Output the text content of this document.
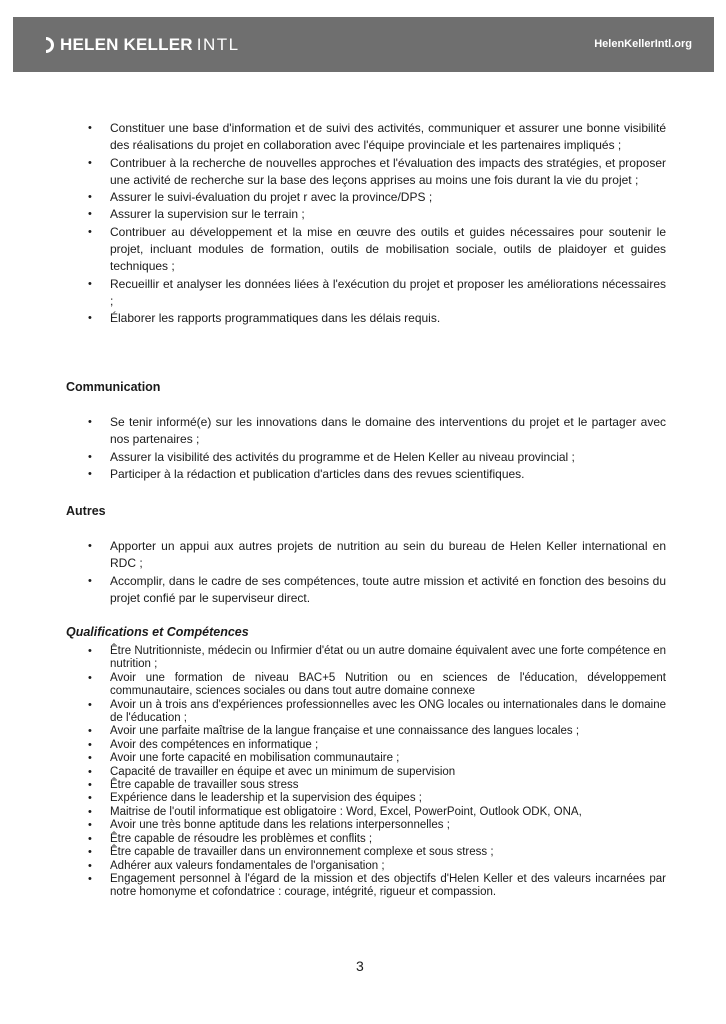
HELEN KELLER INTL	HelenKellerIntl.org
• Constituer une base d'information et de suivi des activités, communiquer et assurer une bonne visibilité des réalisations du projet en collaboration avec l'équipe provinciale et les partenaires impliqués ;
• Contribuer à la recherche de nouvelles approches et l'évaluation des impacts des stratégies, et proposer une activité de recherche sur la base des leçons apprises au moins une fois durant la vie du projet ;
• Assurer le suivi-évaluation du projet r avec la province/DPS ;
• Assurer la supervision sur le terrain ;
• Contribuer au développement et la mise en œuvre des outils et guides nécessaires pour soutenir le projet, incluant modules de formation, outils de mobilisation sociale, outils de plaidoyer et guides techniques ;
• Recueillir et analyser les données liées à l'exécution du projet et proposer les améliorations nécessaires ;
• Élaborer les rapports programmatiques dans les délais requis.
Communication
• Se tenir informé(e) sur les innovations dans le domaine des interventions du projet et le partager avec nos partenaires ;
• Assurer la visibilité des activités du programme et de Helen Keller au niveau provincial ;
• Participer à la rédaction et publication d'articles dans des revues scientifiques.
Autres
• Apporter un appui aux autres projets de nutrition au sein du bureau de Helen Keller international en RDC ;
• Accomplir, dans le cadre de ses compétences, toute autre mission et activité en fonction des besoins du projet confié par le superviseur direct.
Qualifications et Compétences
• Être Nutritionniste, médecin ou Infirmier d'état ou un autre domaine équivalent avec une forte compétence en nutrition ;
• Avoir une formation de niveau BAC+5 Nutrition ou en sciences de l'éducation, développement communautaire, sciences sociales ou dans tout autre domaine connexe
• Avoir un à trois ans d'expériences professionnelles avec les ONG locales ou internationales dans le domaine de l'éducation ;
• Avoir une parfaite maîtrise de la langue française et une connaissance des langues locales ;
• Avoir des compétences en informatique ;
• Avoir une forte capacité en mobilisation communautaire ;
• Capacité de travailler en équipe et avec un minimum de supervision
• Être capable de travailler sous stress
• Expérience dans le leadership et la supervision des équipes ;
• Maitrise de l'outil informatique est obligatoire : Word, Excel, PowerPoint, Outlook ODK, ONA,
• Avoir une très bonne aptitude dans les relations interpersonnelles ;
• Être capable de résoudre les problèmes et conflits ;
• Être capable de travailler dans un environnement complexe et sous stress ;
• Adhérer aux valeurs fondamentales de l'organisation ;
• Engagement personnel à l'égard de la mission et des objectifs d'Helen Keller et des valeurs incarnées par notre homonyme et cofondatrice : courage, intégrité, rigueur et compassion.
3
